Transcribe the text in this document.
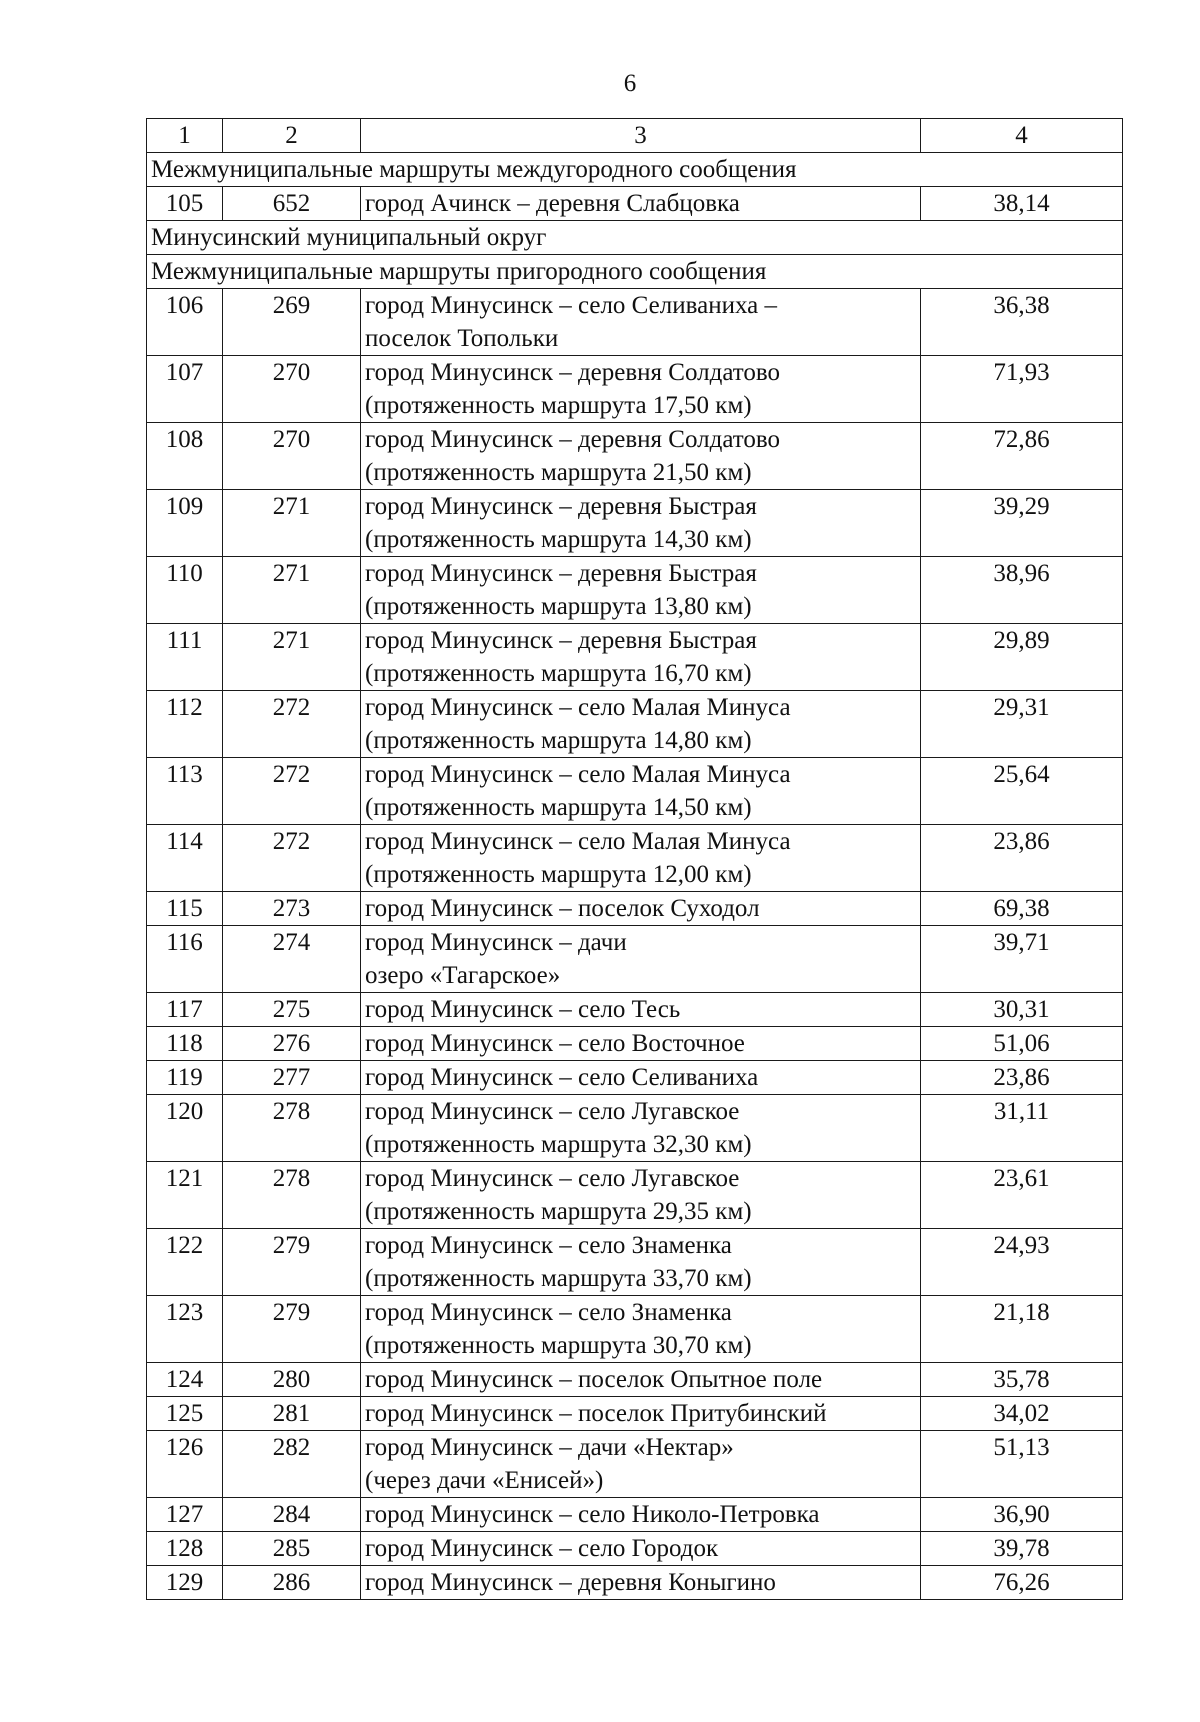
6
1	2	3	4
Межмуниципальные маршруты междугородного сообщения			
105	652	город Ачинск – деревня Слабцовка	38,14
Минусинский муниципальный округ			
Межмуниципальные маршруты пригородного сообщения			
106	269	город Минусинск – село Селиваниха –
поселок Топольки	36,38
107	270	город Минусинск – деревня Солдатово
(протяженность маршрута 17,50 км)	71,93
108	270	город Минусинск – деревня Солдатово
(протяженность маршрута 21,50 км)	72,86
109	271	город Минусинск – деревня Быстрая
(протяженность маршрута 14,30 км)	39,29
110	271	город Минусинск – деревня Быстрая
(протяженность маршрута 13,80 км)	38,96
111	271	город Минусинск – деревня Быстрая
(протяженность маршрута 16,70 км)	29,89
112	272	город Минусинск – село Малая Минуса
(протяженность маршрута 14,80 км)	29,31
113	272	город Минусинск – село Малая Минуса
(протяженность маршрута 14,50 км)	25,64
114	272	город Минусинск – село Малая Минуса
(протяженность маршрута 12,00 км)	23,86
115	273	город Минусинск – поселок Суходол	69,38
116	274	город Минусинск – дачи
озеро «Тагарское»	39,71
117	275	город Минусинск – село Тесь	30,31
118	276	город Минусинск – село Восточное	51,06
119	277	город Минусинск – село Селиваниха	23,86
120	278	город Минусинск – село Лугавское
(протяженность маршрута 32,30 км)	31,11
121	278	город Минусинск – село Лугавское
(протяженность маршрута 29,35 км)	23,61
122	279	город Минусинск – село Знаменка
(протяженность маршрута 33,70 км)	24,93
123	279	город Минусинск – село Знаменка
(протяженность маршрута 30,70 км)	21,18
124	280	город Минусинск – поселок Опытное поле	35,78
125	281	город Минусинск – поселок Притубинский	34,02
126	282	город Минусинск – дачи «Нектар»
(через дачи «Енисей»)	51,13
127	284	город Минусинск – село Николо-Петровка	36,90
128	285	город Минусинск – село Городок	39,78
129	286	город Минусинск – деревня Коныгино	76,26
